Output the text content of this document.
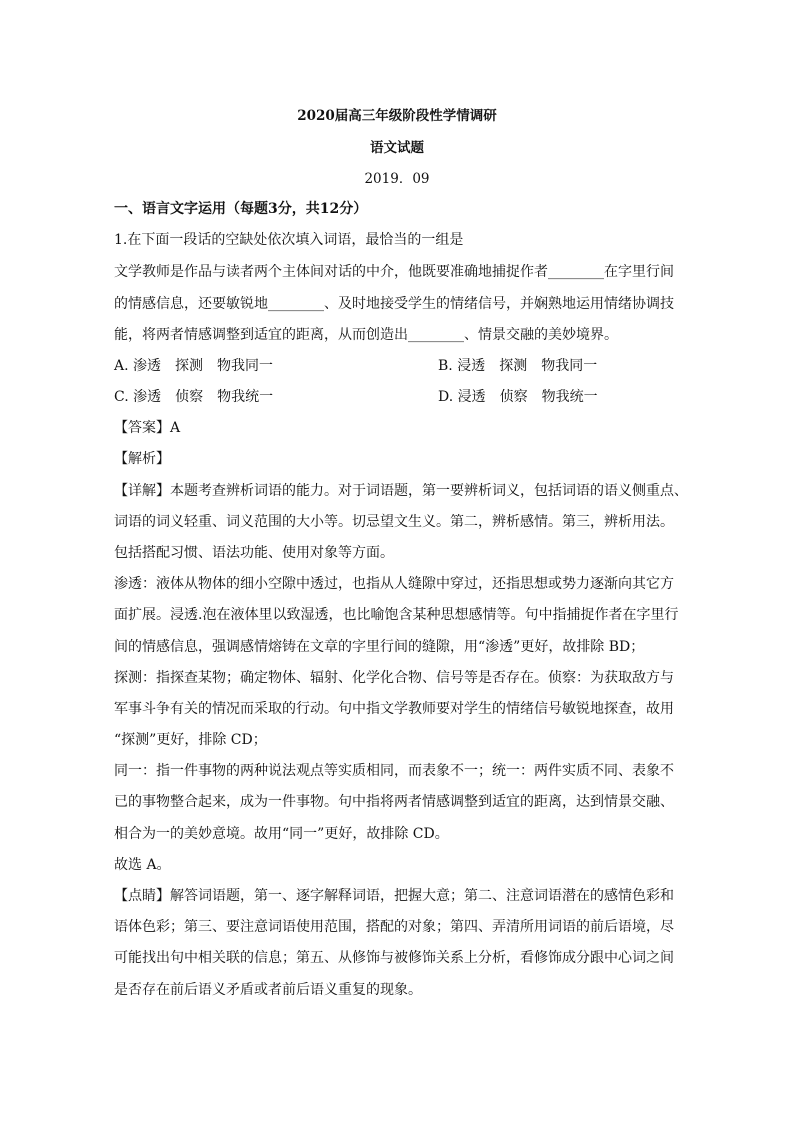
2020届高三年级阶段性学情调研
语文试题
2019．09
一、语言文字运用（每题3分，共12分）
1.在下面一段话的空缺处依次填入词语，最恰当的一组是
文学教师是作品与读者两个主体间对话的中介，他既要准确地捕捉作者________在字里行间
的情感信息，还要敏锐地________、及时地接受学生的情绪信号，并娴熟地运用情绪协调技
能，将两者情感调整到适宜的距离，从而创造出________、情景交融的美妙境界。
A. 渗透　探测　物我同一	B. 浸透　探测　物我同一
C. 渗透　侦察　物我统一	D. 浸透　侦察　物我统一
【答案】A
【解析】
【详解】本题考查辨析词语的能力。对于词语题，第一要辨析词义，包括词语的语义侧重点、
词语的词义轻重、词义范围的大小等。切忌望文生义。第二，辨析感情。第三，辨析用法。
包括搭配习惯、语法功能、使用对象等方面。
渗透：液体从物体的细小空隙中透过，也指从人缝隙中穿过，还指思想或势力逐渐向其它方
面扩展。浸透.泡在液体里以致湿透，也比喻饱含某种思想感情等。句中指捕捉作者在字里行
间的情感信息，强调感情熔铸在文章的字里行间的缝隙，用“渗透”更好，故排除 BD；
探测：指探查某物；确定物体、辐射、化学化合物、信号等是否存在。侦察：为获取敌方与
军事斗争有关的情况而采取的行动。句中指文学教师要对学生的情绪信号敏锐地探查，故用
“探测”更好，排除 CD；
同一：指一件事物的两种说法观点等实质相同，而表象不一；统一：两件实质不同、表象不
已的事物整合起来，成为一件事物。句中指将两者情感调整到适宜的距离，达到情景交融、
相合为一的美妙意境。故用“同一”更好，故排除 CD。
故选 A。
【点睛】解答词语题，第一、逐字解释词语，把握大意；第二、注意词语潜在的感情色彩和
语体色彩；第三、要注意词语使用范围，搭配的对象；第四、弄清所用词语的前后语境，尽
可能找出句中相关联的信息；第五、从修饰与被修饰关系上分析，看修饰成分跟中心词之间
是否存在前后语义矛盾或者前后语义重复的现象。
